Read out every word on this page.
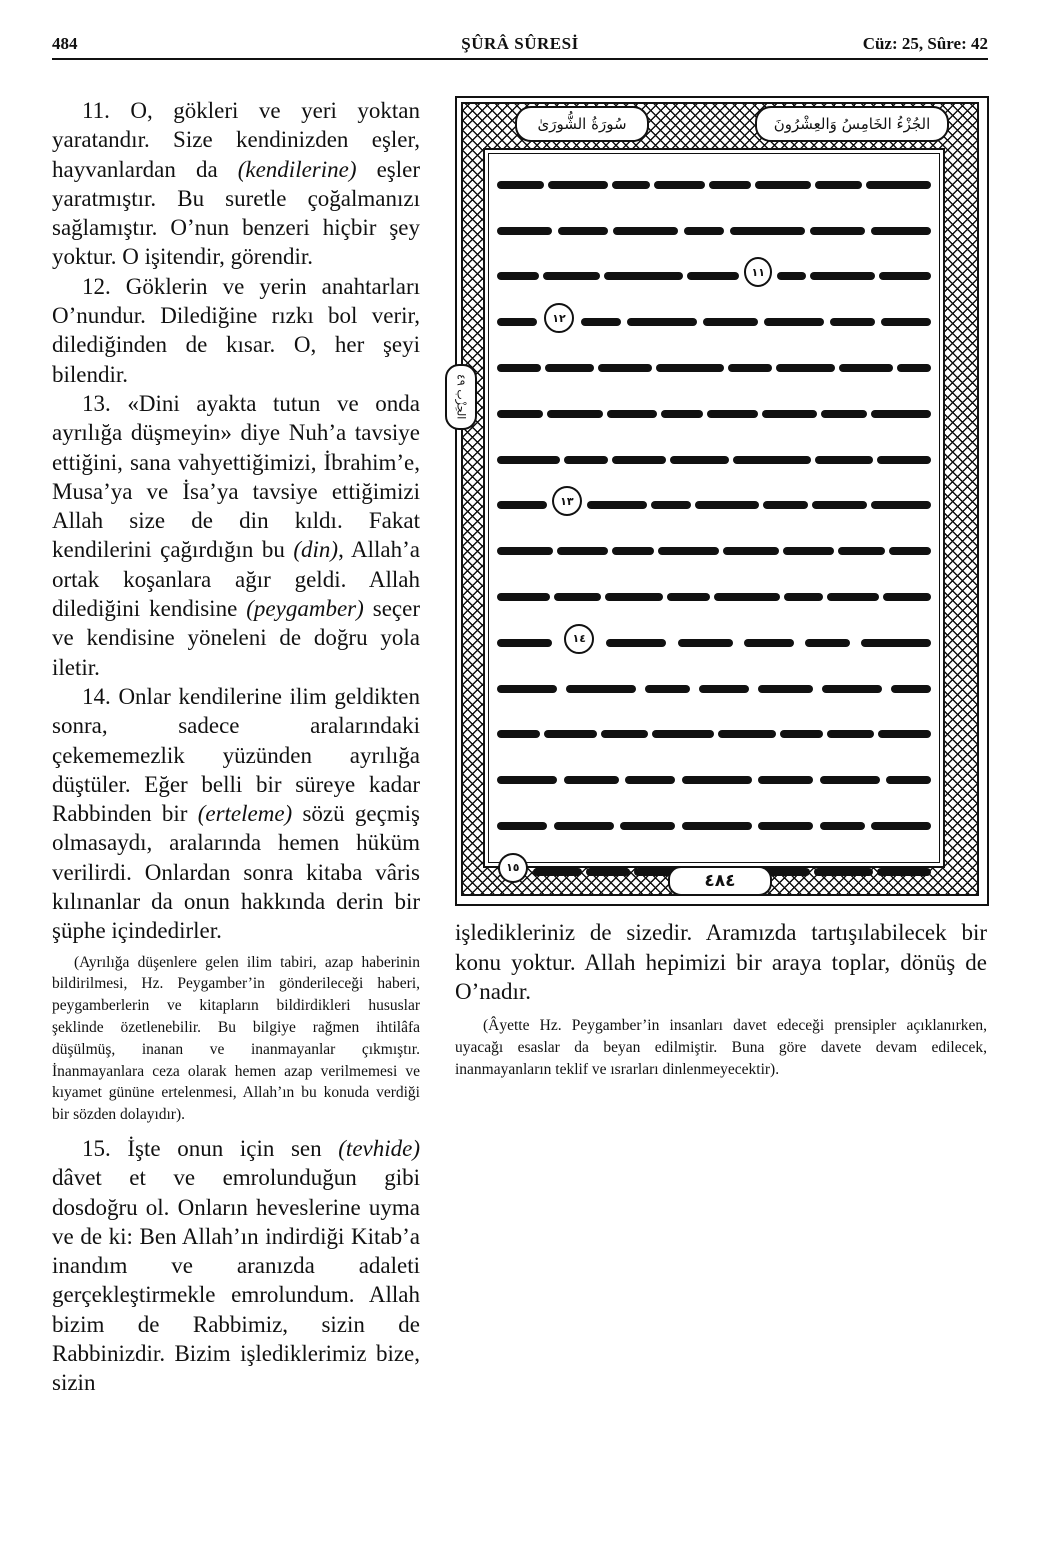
484	ŞÛRÂ SÛRESİ	Cüz: 25, Sûre: 42

11. O, gökleri ve yeri yoktan yaratandır. Size kendinizden eşler, hayvanlardan da (kendilerine) eşler yaratmıştır. Bu suretle çoğalmanızı sağlamıştır. O’nun benzeri hiçbir şey yoktur. O işitendir, görendir.

12. Göklerin ve yerin anahtarları O’nundur. Dilediğine rızkı bol verir, dilediğinden de kısar. O, her şeyi bilendir.

13. «Dini ayakta tutun ve onda ayrılığa düşmeyin» diye Nuh’a tavsiye ettiğini, sana vahyettiğimizi, İbrahim’e, Musa’ya ve İsa’ya tavsiye ettiğimizi Allah size de din kıldı. Fakat kendilerini çağırdığın bu (din), Allah’a ortak koşanlara ağır geldi. Allah dilediğini kendisine (peygamber) seçer ve kendisine yöneleni de doğru yola iletir.

14. Onlar kendilerine ilim geldikten sonra, sadece aralarındaki çekememezlik yüzünden ayrılığa düştüler. Eğer belli bir süreye kadar Rabbinden bir (erteleme) sözü geçmiş olmasaydı, aralarında hemen hüküm verilirdi. Onlardan sonra kitaba vâris kılınanlar da onun hakkında derin bir şüphe içindedirler.

(Ayrılığa düşenlere gelen ilim tabiri, azap haberinin bildirilmesi, Hz. Peygamber’in gönderileceği haberi, peygamberlerin ve kitapların bildirdikleri hususlar şeklinde özetlenebilir. Bu bilgiye rağmen ihtilâfa düşülmüş, inanan ve inanmayanlar çıkmıştır. İnanmayanlara ceza olarak hemen azap verilmemesi ve kıyamet gününe ertelenmesi, Allah’ın bu konuda verdiği bir sözden dolayıdır).

15. İşte onun için sen (tevhide) dâvet et ve emrolunduğun gibi dosdoğru ol. Onların heveslerine uyma ve de ki: Ben Allah’ın indirdiği Kitab’a inandım ve aranızda adaleti gerçekleştirmekle emrolundum. Allah bizim de Rabbimiz, sizin de Rabbinizdir. Bizim işlediklerimiz bize, sizin

سُورَةُ الشُّورَىٰ	الجُزْءُ الخَامِسُ وَالعِشْرُونَ
الحِزْب ٤٩
١١
١٢
١٣
١٤
١٥
٤٨٤

işledikleriniz de sizedir. Aramızda tartışılabilecek bir konu yoktur. Allah hepimizi bir araya toplar, dönüş de O’nadır.

(Âyette Hz. Peygamber’in insanları davet edeceği prensipler açıklanırken, uyacağı esaslar da beyan edilmiştir. Buna göre davete devam edilecek, inanmayanların teklif ve ısrarları dinlenmeyecektir).
